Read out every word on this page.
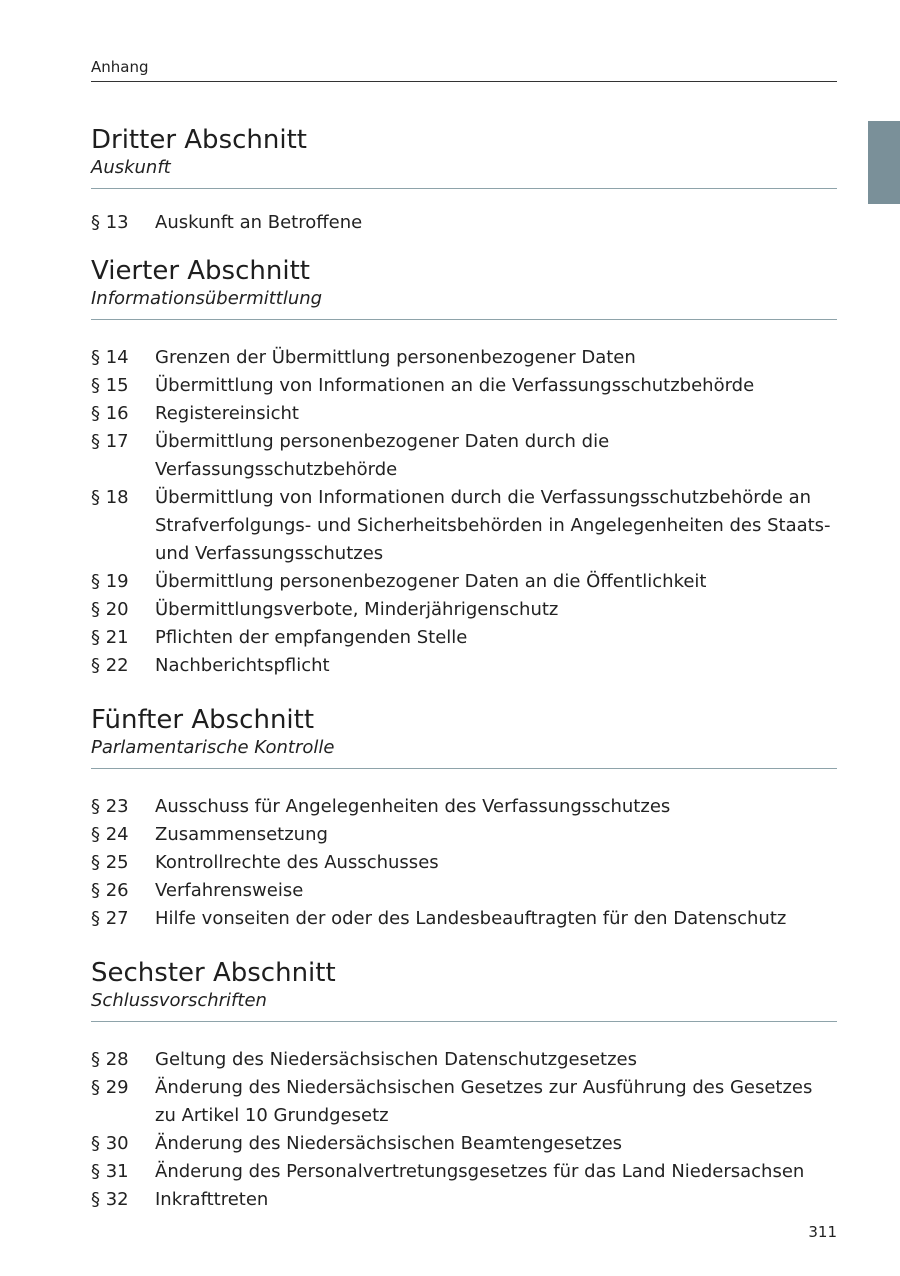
Anhang
Dritter Abschnitt
Auskunft
§ 13	Auskunft an Betroffene
Vierter Abschnitt
Informationsübermittlung
§ 14	Grenzen der Übermittlung personenbezogener Daten
§ 15	Übermittlung von Informationen an die Verfassungsschutzbehörde
§ 16	Registereinsicht
§ 17	Übermittlung personenbezogener Daten durch die Verfassungsschutzbehörde
§ 18	Übermittlung von Informationen durch die Verfassungsschutzbehörde an Strafverfolgungs- und Sicherheitsbehörden in Angelegenheiten des Staats- und Verfassungsschutzes
§ 19	Übermittlung personenbezogener Daten an die Öffentlichkeit
§ 20	Übermittlungsverbote, Minderjährigenschutz
§ 21	Pflichten der empfangenden Stelle
§ 22	Nachberichtspflicht
Fünfter Abschnitt
Parlamentarische Kontrolle
§ 23	Ausschuss für Angelegenheiten des Verfassungsschutzes
§ 24	Zusammensetzung
§ 25	Kontrollrechte des Ausschusses
§ 26	Verfahrensweise
§ 27	Hilfe vonseiten der oder des Landesbeauftragten für den Datenschutz
Sechster Abschnitt
Schlussvorschriften
§ 28	Geltung des Niedersächsischen Datenschutzgesetzes
§ 29	Änderung des Niedersächsischen Gesetzes zur Ausführung des Gesetzes zu Artikel 10 Grundgesetz
§ 30	Änderung des Niedersächsischen Beamtengesetzes
§ 31	Änderung des Personalvertretungsgesetzes für das Land Niedersachsen
§ 32	Inkrafttreten
311
